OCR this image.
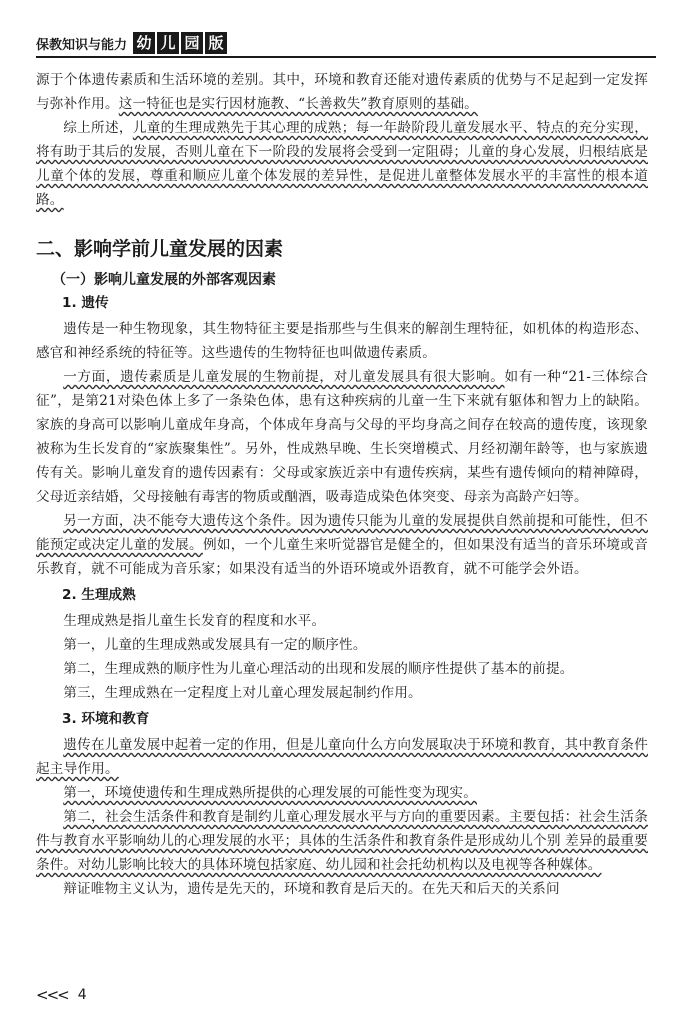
保教知识与能力 幼 儿 园 版

源于个体遗传素质和生活环境的差别。其中，环境和教育还能对遗传素质的优势与不足起到一定发挥与弥补作用。这一特征也是实行因材施教、“长善救失”教育原则的基础。

综上所述，儿童的生理成熟先于其心理的成熟；每一年龄阶段儿童发展水平、特点的充分实现，将有助于其后的发展，否则儿童在下一阶段的发展将会受到一定阻碍；儿童的身心发展，归根结底是儿童个体的发展，尊重和顺应儿童个体发展的差异性，是促进儿童整体发展水平的丰富性的根本道路。

二、影响学前儿童发展的因素
（一）影响儿童发展的外部客观因素
1. 遗传

遗传是一种生物现象，其生物特征主要是指那些与生俱来的解剖生理特征，如机体的构造形态、感官和神经系统的特征等。这些遗传的生物特征也叫做遗传素质。

一方面，遗传素质是儿童发展的生物前提，对儿童发展具有很大影响。如有一种“21-三体综合征”，是第21对染色体上多了一条染色体，患有这种疾病的儿童一生下来就有躯体和智力上的缺陷。家族的身高可以影响儿童成年身高，个体成年身高与父母的平均身高之间存在较高的遗传度，该现象被称为生长发育的“家族聚集性”。另外，性成熟早晚、生长突增模式、月经初潮年龄等，也与家族遗传有关。影响儿童发育的遗传因素有：父母或家族近亲中有遗传疾病，某些有遗传倾向的精神障碍，父母近亲结婚，父母接触有毒害的物质或酗酒，吸毒造成染色体突变、母亲为高龄产妇等。

另一方面，决不能夸大遗传这个条件。因为遗传只能为儿童的发展提供自然前提和可能性，但不能预定或决定儿童的发展。例如，一个儿童生来听觉器官是健全的，但如果没有适当的音乐环境或音乐教育，就不可能成为音乐家；如果没有适当的外语环境或外语教育，就不可能学会外语。

2. 生理成熟

生理成熟是指儿童生长发育的程度和水平。

第一，儿童的生理成熟或发展具有一定的顺序性。

第二，生理成熟的顺序性为儿童心理活动的出现和发展的顺序性提供了基本的前提。

第三，生理成熟在一定程度上对儿童心理发展起制约作用。

3. 环境和教育

遗传在儿童发展中起着一定的作用，但是儿童向什么方向发展取决于环境和教育，其中教育条件起主导作用。

第一，环境使遗传和生理成熟所提供的心理发展的可能性变为现实。

第二，社会生活条件和教育是制约儿童心理发展水平与方向的重要因素。主要包括：社会生活条件与教育水平影响幼儿的心理发展的水平；具体的生活条件和教育条件是形成幼儿个别 差异的最重要条件。对幼儿影响比较大的具体环境包括家庭、幼儿园和社会托幼机构以及电视等各种媒体。

辩证唯物主义认为，遗传是先天的，环境和教育是后天的。在先天和后天的关系问

<<< 4
